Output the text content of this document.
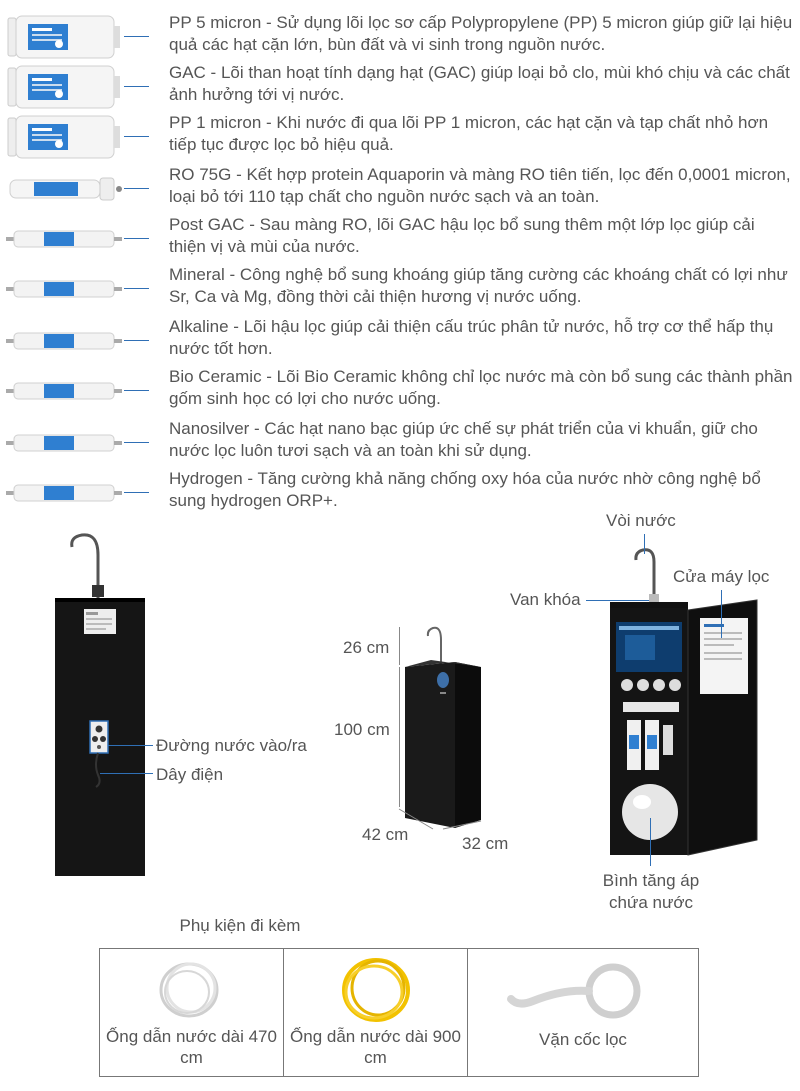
PP 5 micron - Sử dụng lõi lọc sơ cấp Polypropylene (PP) 5 micron giúp giữ lại hiệu quả các hạt cặn lớn, bùn đất và vi sinh trong nguồn nước.
GAC - Lõi than hoạt tính dạng hạt (GAC) giúp loại bỏ clo, mùi khó chịu và các chất ảnh hưởng tới vị nước.
PP 1 micron - Khi nước đi qua lõi PP 1 micron, các hạt cặn và tạp chất nhỏ hơn tiếp tục được lọc bỏ hiệu quả.
RO 75G - Kết hợp protein Aquaporin và màng RO tiên tiến, lọc đến 0,0001 micron, loại bỏ tới 110 tạp chất cho nguồn nước sạch và an toàn.
Post GAC - Sau màng RO, lõi GAC hậu lọc bổ sung thêm một lớp lọc giúp cải thiện vị và mùi của nước.
Mineral - Công nghệ bổ sung khoáng giúp tăng cường các khoáng chất có lợi như Sr, Ca và Mg, đồng thời cải thiện hương vị nước uống.
Alkaline - Lõi hậu lọc giúp cải thiện cấu trúc phân tử nước, hỗ trợ cơ thể hấp thụ nước tốt hơn.
Bio Ceramic - Lõi Bio Ceramic không chỉ lọc nước mà còn bổ sung các thành phần gốm sinh học có lợi cho nước uống.
Nanosilver - Các hạt nano bạc giúp ức chế sự phát triển của vi khuẩn, giữ cho nước lọc luôn tươi sạch và an toàn khi sử dụng.
Hydrogen - Tăng cường khả năng chống oxy hóa của nước nhờ công nghệ bổ sung hydrogen ORP+.
Đường nước vào/ra
Dây điện
26 cm
100 cm
42 cm	32 cm
Vòi nước
Van khóa
Cửa máy lọc
Bình tăng áp chứa nước
Phụ kiện đi kèm
Ống dẫn nước dài 470 cm
Ống dẫn nước dài 900 cm
Vặn cốc lọc
